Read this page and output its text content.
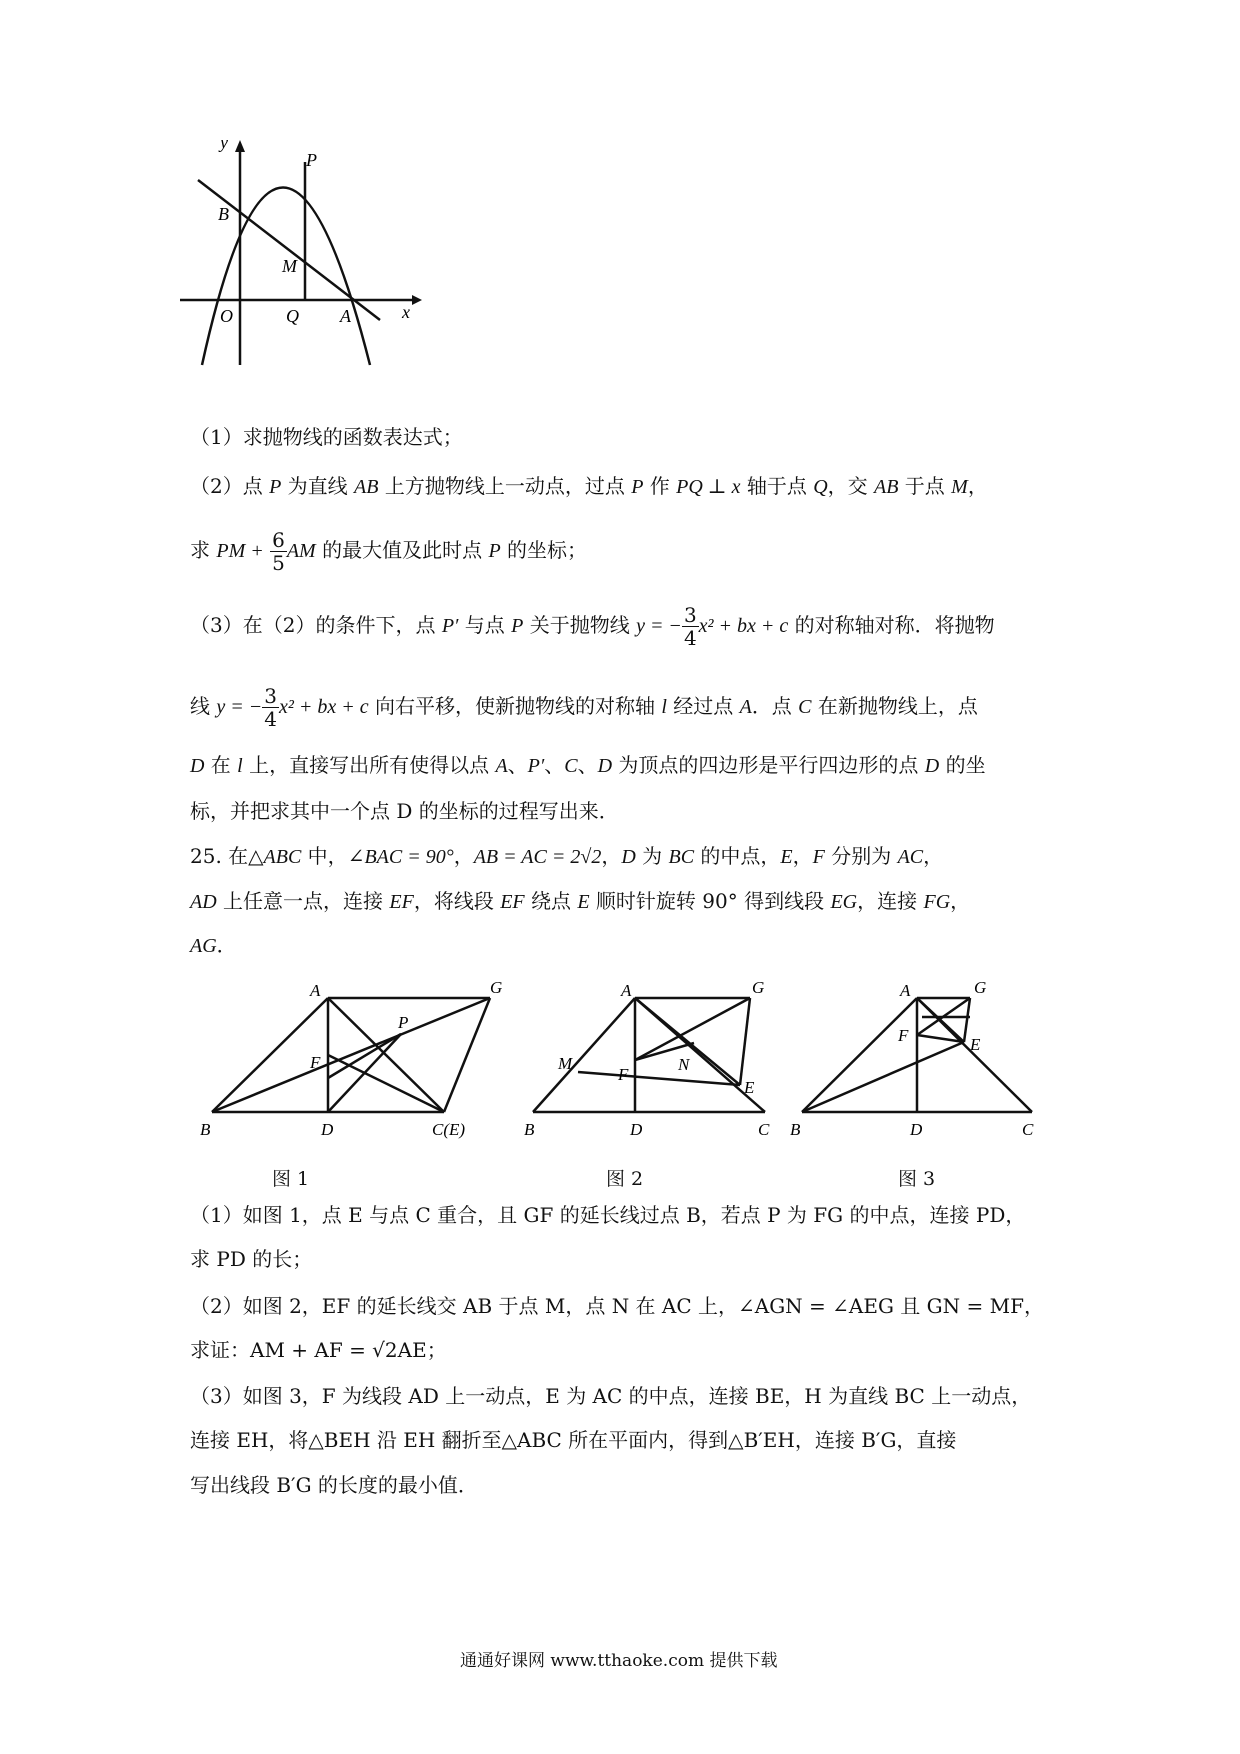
y
x
B
P
M
O	Q A
（1）求抛物线的函数表达式；
（2）点 P 为直线 AB 上方抛物线上一动点，过点 P 作 PQ ⊥ x 轴于点 Q，交 AB 于点 M，
求 PM + $\frac{6}{5}$ AM 的最大值及此时点 P 的坐标；
（3）在（2）的条件下，点 P′ 与点 P 关于抛物线 y = − $\frac{3}{4} x^2$ + bx + c 的对称轴对称．将抛物
线 y = − $\frac{3}{4} x^2$ + bx + c 向右平移，使新抛物线的对称轴 l 经过点 A．点 C 在新抛物线上，点
D 在 l 上，直接写出所有使得以点 A、P′、C、D 为顶点的四边形是平行四边形的点 D 的坐
标，并把求其中一个点 D 的坐标的过程写出来．
25. 在△ABC 中，∠BAC = 90°，AB = AC = 2√2，D 为 BC 的中点，E，F 分别为 AC，
AD 上任意一点，连接 EF，将线段 EF 绕点 E 顺时针旋转 90° 得到线段 EG，连接 FG，
AG．
A	G
P
F
B	D	C(E)
A	G
M	N
F
E
B	D	C
A	G
F	E
B	D	C
图 1	图 2	图 3
（1）如图 1，点 E 与点 C 重合，且 GF 的延长线过点 B，若点 P 为 FG 的中点，连接 PD，
求 PD 的长；
（2）如图 2，EF 的延长线交 AB 于点 M，点 N 在 AC 上，∠AGN = ∠AEG 且 GN = MF，
求证：AM + AF = √2AE；
（3）如图 3，F 为线段 AD 上一动点，E 为 AC 的中点，连接 BE，H 为直线 BC 上一动点，
连接 EH，将△BEH 沿 EH 翻折至△ABC 所在平面内，得到△B′EH，连接 B′G，直接
写出线段 B′G 的长度的最小值．
通通好课网 www.tthaoke.com 提供下载
